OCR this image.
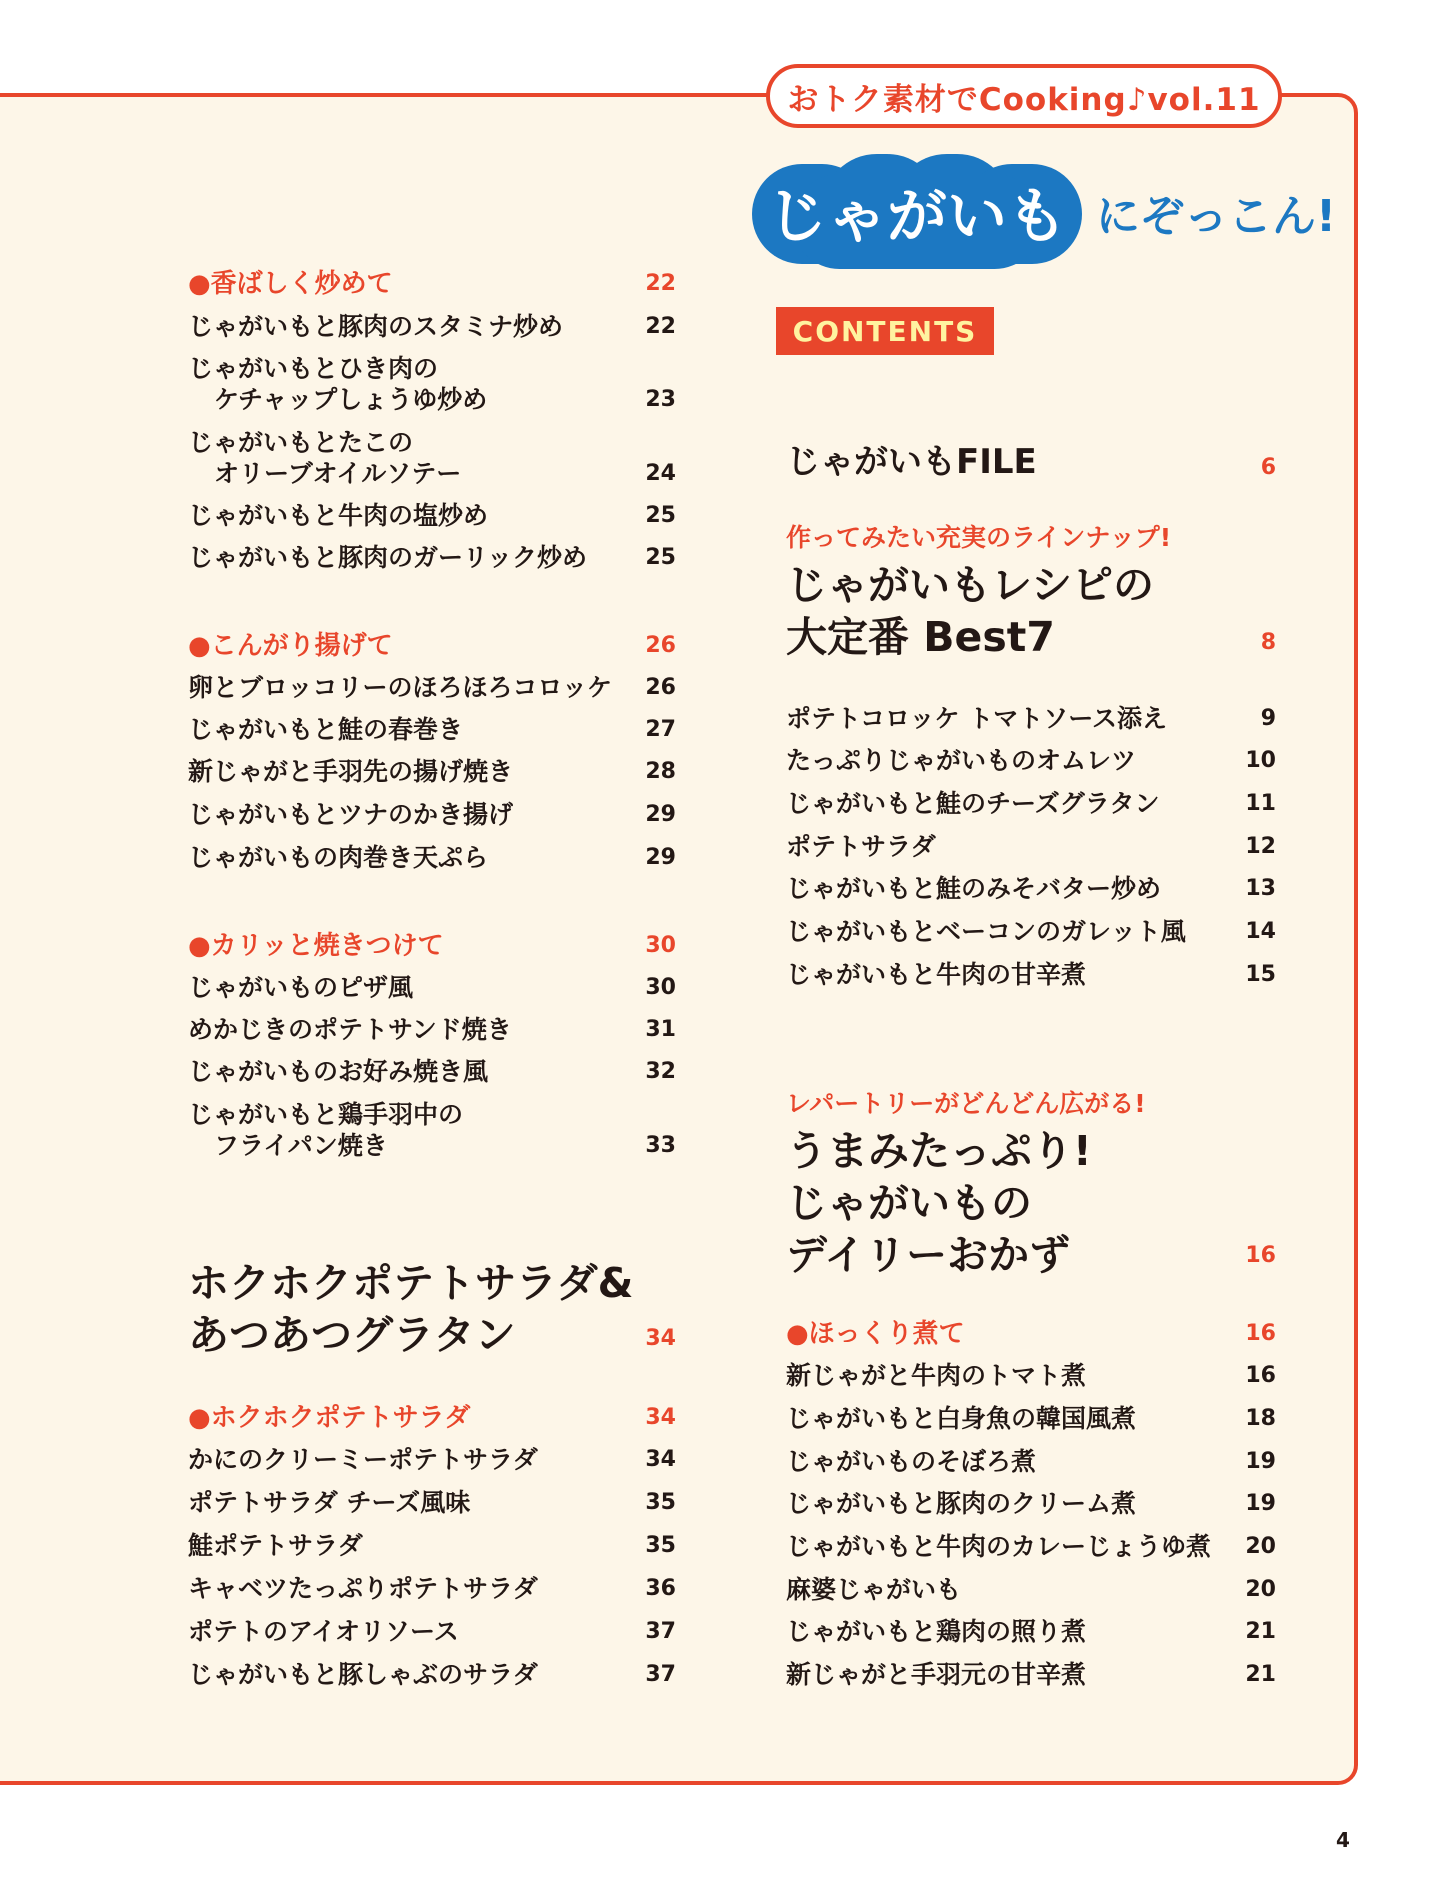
おトク素材でCooking♪vol.11
じゃがいも にぞっこん!
CONTENTS
●香ばしく炒めて	22
じゃがいもと豚肉のスタミナ炒め	22
じゃがいもとひき肉の
ケチャップしょうゆ炒め	23
じゃがいもとたこの
オリーブオイルソテー	24
じゃがいもと牛肉の塩炒め	25
じゃがいもと豚肉のガーリック炒め	25
●こんがり揚げて	26
卵とブロッコリーのほろほろコロッケ	26
じゃがいもと鮭の春巻き	27
新じゃがと手羽先の揚げ焼き	28
じゃがいもとツナのかき揚げ	29
じゃがいもの肉巻き天ぷら	29
●カリッと焼きつけて	30
じゃがいものピザ風	30
めかじきのポテトサンド焼き	31
じゃがいものお好み焼き風	32
じゃがいもと鶏手羽中の
フライパン焼き	33
ホクホクポテトサラダ&
あつあつグラタン	34
●ホクホクポテトサラダ	34
かにのクリーミーポテトサラダ	34
ポテトサラダ チーズ風味	35
鮭ポテトサラダ	35
キャベツたっぷりポテトサラダ	36
ポテトのアイオリソース	37
じゃがいもと豚しゃぶのサラダ	37
じゃがいもFILE	6
作ってみたい充実のラインナップ!
じゃがいもレシピの
大定番 Best7	8
ポテトコロッケ トマトソース添え	9
たっぷりじゃがいものオムレツ	10
じゃがいもと鮭のチーズグラタン	11
ポテトサラダ	12
じゃがいもと鮭のみそバター炒め	13
じゃがいもとベーコンのガレット風	14
じゃがいもと牛肉の甘辛煮	15
レパートリーがどんどん広がる!
うまみたっぷり!
じゃがいもの
デイリーおかず	16
●ほっくり煮て	16
新じゃがと牛肉のトマト煮	16
じゃがいもと白身魚の韓国風煮	18
じゃがいものそぼろ煮	19
じゃがいもと豚肉のクリーム煮	19
じゃがいもと牛肉のカレーじょうゆ煮	20
麻婆じゃがいも	20
じゃがいもと鶏肉の照り煮	21
新じゃがと手羽元の甘辛煮	21
4
